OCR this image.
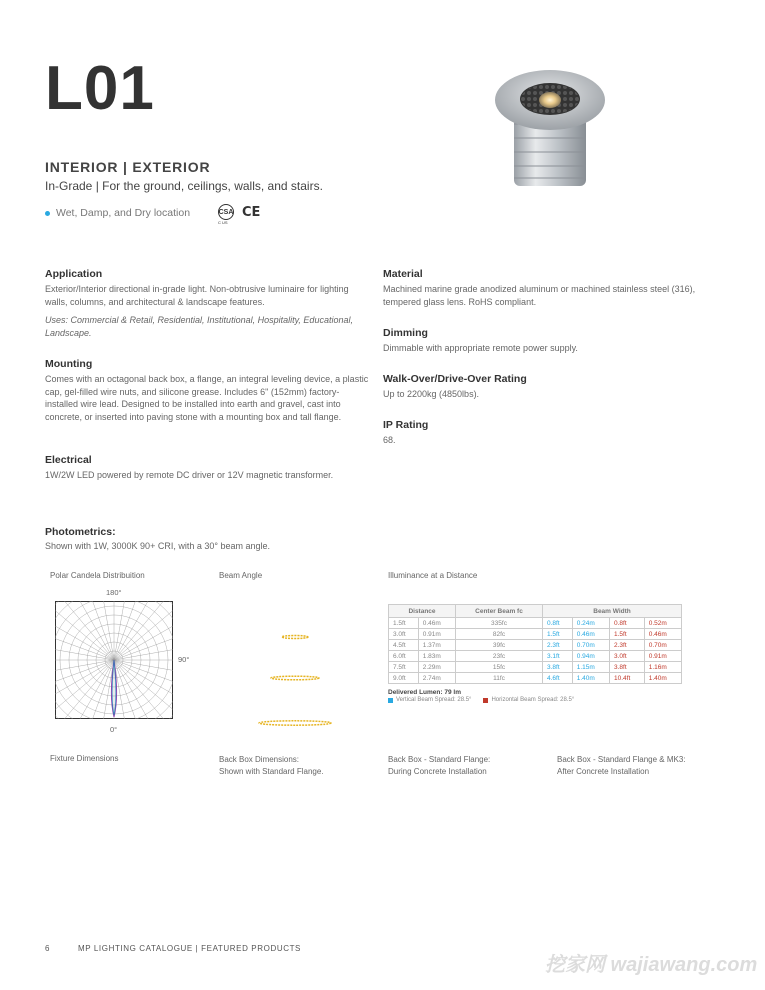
L01
INTERIOR | EXTERIOR
In-Grade | For the ground, ceilings, walls, and stairs.
Wet, Damp, and Dry location	CSA
C US
CE
Application
Exterior/Interior directional in-grade light. Non-obtrusive luminaire for lighting walls, columns, and architectural & landscape features.
Uses: Commercial & Retail, Residential, Institutional, Hospitality, Educational, Landscape.
Mounting
Comes with an octagonal back box, a flange, an integral leveling device, a plastic cap, gel-filled wire nuts, and silicone grease. Includes 6" (152mm) factory-installed wire lead. Designed to be installed into earth and gravel, cast into concrete, or inserted into paving stone with a mounting box and tall flange.
Electrical
1W/2W LED powered by remote DC driver or 12V magnetic transformer.
Material
Machined marine grade anodized aluminum or machined stainless steel (316), tempered glass lens. RoHS compliant.
Dimming
Dimmable with appropriate remote power supply.
Walk-Over/Drive-Over Rating
Up to 2200kg (4850lbs).
IP Rating
68.
Photometrics:
Shown with 1W, 3000K 90+ CRI, with a 30° beam angle.
Polar Candela Distribuition	Beam Angle	Illuminance at a Distance
180°
90°
0°
Distance		Center Beam fc	Beam Width			
1.5ft	0.46m	335fc	0.8ft	0.24m	0.8ft	0.52m
3.0ft	0.91m	82fc	1.5ft	0.46m	1.5ft	0.46m
4.5ft	1.37m	39fc	2.3ft	0.70m	2.3ft	0.70m
6.0ft	1.83m	23fc	3.1ft	0.94m	3.0ft	0.91m
7.5ft	2.29m	15fc	3.8ft	1.15m	3.8ft	1.16m
9.0ft	2.74m	11fc	4.6ft	1.40m	10.4ft	1.40m
Delivered Lumen: 79 lm
Vertical Beam Spread: 28.5°	Horizontal Beam Spread: 28.5°
Fixture Dimensions	Back Box Dimensions:
Shown with Standard Flange.
Back Box - Standard Flange:
During Concrete Installation
Back Box - Standard Flange & MK3:
After Concrete Installation
6	MP LIGHTING CATALOGUE | FEATURED PRODUCTS
挖家网 wajiawang.com
